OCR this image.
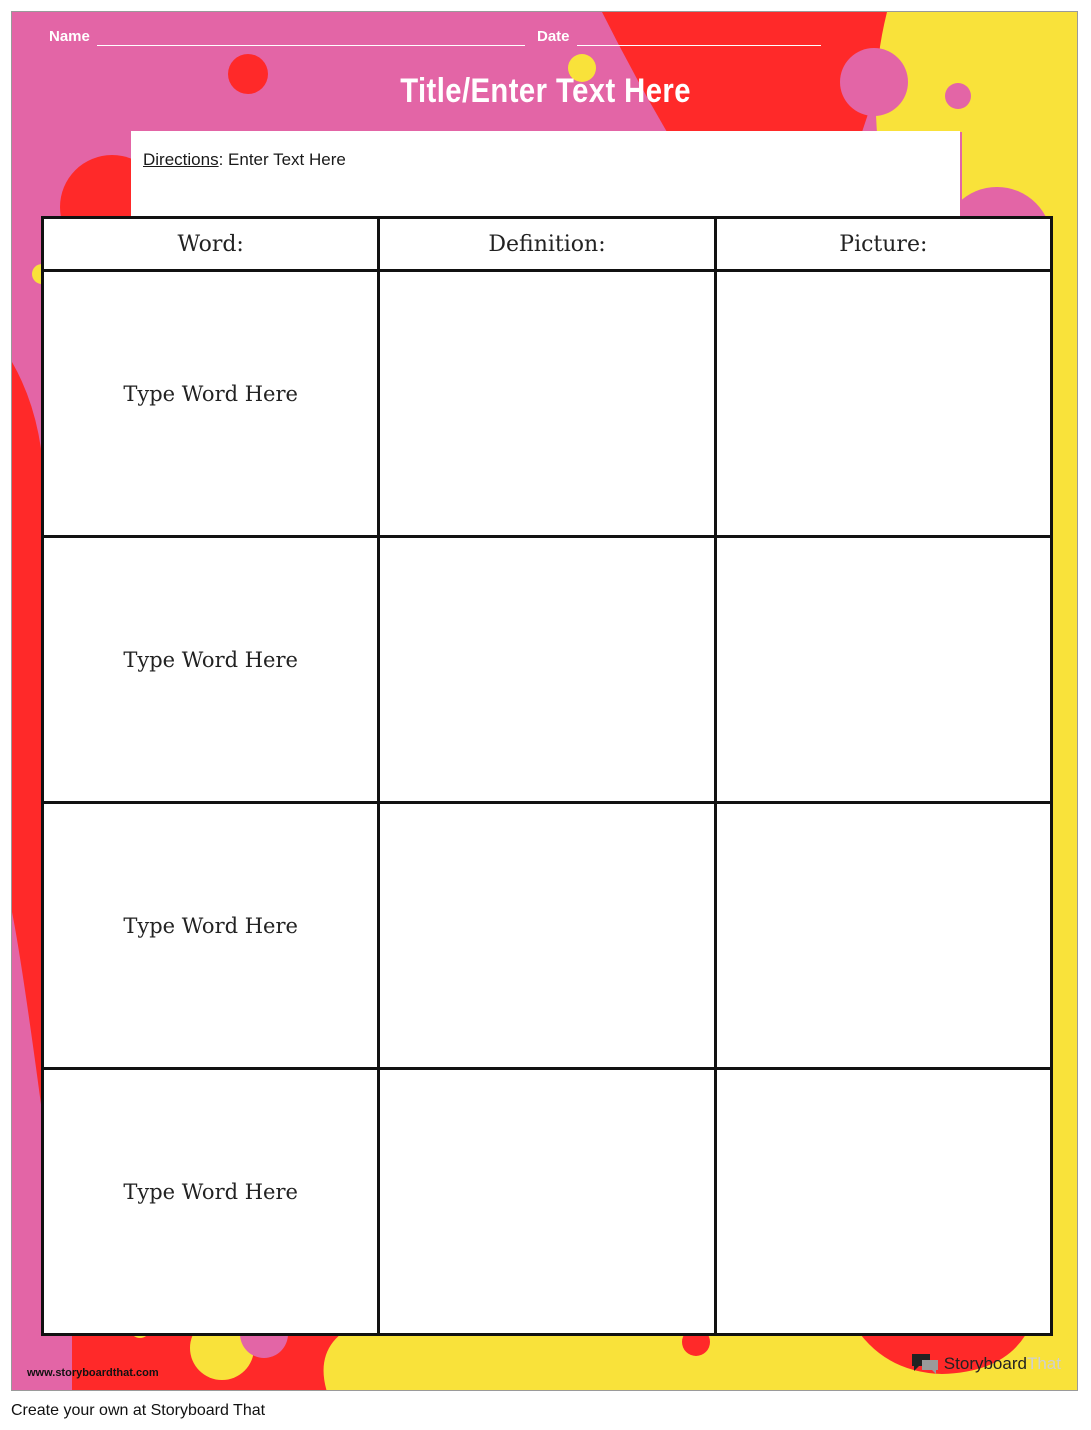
Name	Date
Title/Enter Text Here
Directions: Enter Text Here
Word:	Definition:	Picture:
Type Word Here		
Type Word Here		
Type Word Here		
Type Word Here		
www.storyboardthat.com	Storyboard That
Create your own at Storyboard That
